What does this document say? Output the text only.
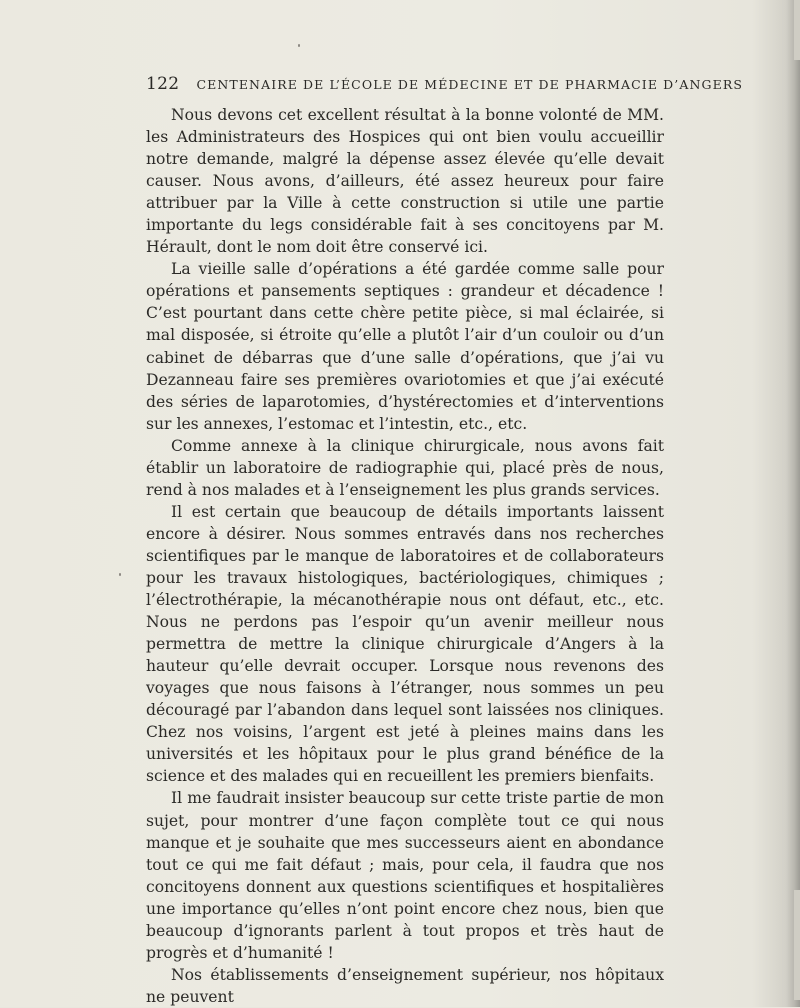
122 CENTENAIRE DE L’ÉCOLE DE MÉDECINE ET DE PHARMACIE D’ANGERS

Nous devons cet excellent résultat à la bonne volonté de MM. les Administrateurs des Hospices qui ont bien voulu accueillir notre demande, malgré la dépense assez élevée qu’elle devait causer. Nous avons, d’ailleurs, été assez heureux pour faire attribuer par la Ville à cette construction si utile une partie importante du legs considérable fait à ses concitoyens par M. Hérault, dont le nom doit être conservé ici.

La vieille salle d’opérations a été gardée comme salle pour opérations et pansements septiques : grandeur et décadence ! C’est pourtant dans cette chère petite pièce, si mal éclairée, si mal disposée, si étroite qu’elle a plutôt l’air d’un couloir ou d’un cabinet de débarras que d’une salle d’opérations, que j’ai vu Dezanneau faire ses premières ovariotomies et que j’ai exécuté des séries de laparotomies, d’hystérectomies et d’interventions sur les annexes, l’estomac et l’intestin, etc., etc.

Comme annexe à la clinique chirurgicale, nous avons fait établir un laboratoire de radiographie qui, placé près de nous, rend à nos malades et à l’enseignement les plus grands services.

Il est certain que beaucoup de détails importants laissent encore à désirer. Nous sommes entravés dans nos recherches scientifiques par le manque de laboratoires et de collaborateurs pour les travaux histologiques, bactériologiques, chimiques ; l’électrothérapie, la mécanothérapie nous ont défaut, etc., etc. Nous ne perdons pas l’espoir qu’un avenir meilleur nous permettra de mettre la clinique chirurgicale d’Angers à la hauteur qu’elle devrait occuper. Lorsque nous revenons des voyages que nous faisons à l’étranger, nous sommes un peu découragé par l’abandon dans lequel sont laissées nos cliniques. Chez nos voisins, l’argent est jeté à pleines mains dans les universités et les hôpitaux pour le plus grand bénéfice de la science et des malades qui en recueillent les premiers bienfaits.

Il me faudrait insister beaucoup sur cette triste partie de mon sujet, pour montrer d’une façon complète tout ce qui nous manque et je souhaite que mes successeurs aient en abondance tout ce qui me fait défaut ; mais, pour cela, il faudra que nos concitoyens donnent aux questions scientifiques et hospitalières une importance qu’elles n’ont point encore chez nous, bien que beaucoup d’ignorants parlent à tout propos et très haut de progrès et d’humanité !

Nos établissements d’enseignement supérieur, nos hôpitaux ne peuvent
